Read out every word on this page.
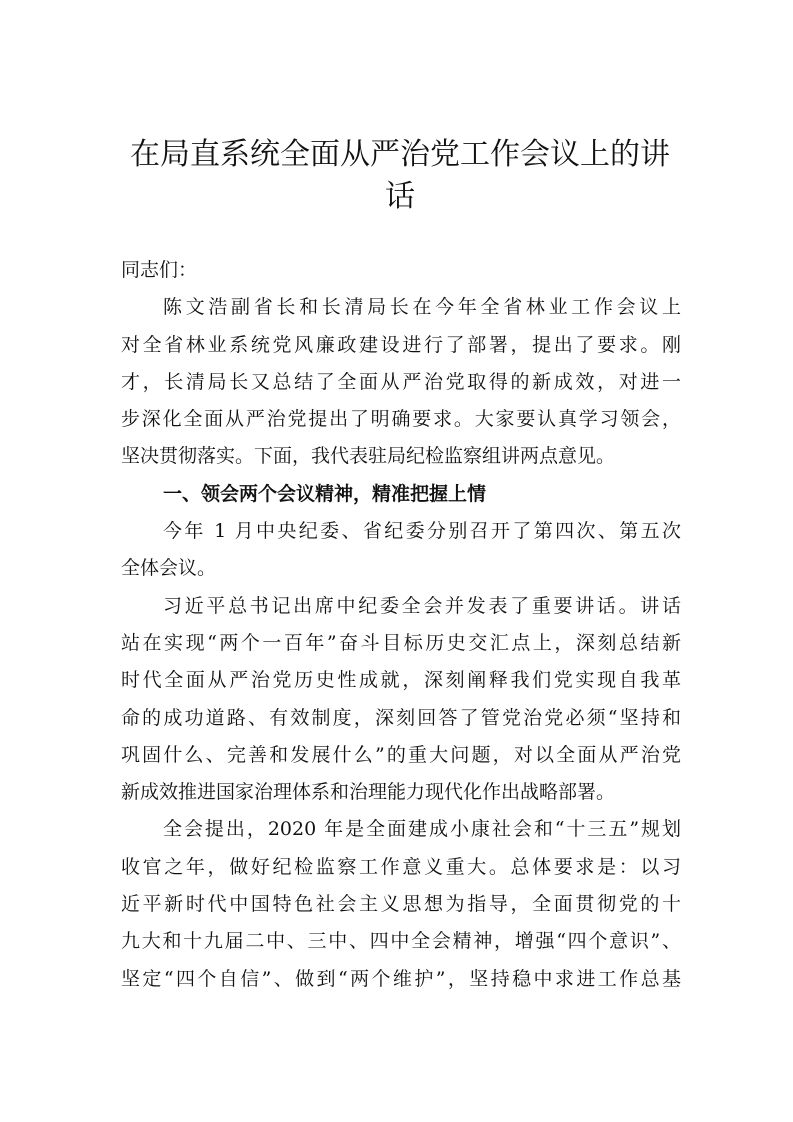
在局直系统全面从严治党工作会议上的讲
话
同志们：
陈文浩副省长和长清局长在今年全省林业工作会议上
对全省林业系统党风廉政建设进行了部署，提出了要求。刚
才，长清局长又总结了全面从严治党取得的新成效，对进一
步深化全面从严治党提出了明确要求。大家要认真学习领会，
坚决贯彻落实。下面，我代表驻局纪检监察组讲两点意见。
一、领会两个会议精神，精准把握上情
今年 1 月中央纪委、省纪委分别召开了第四次、第五次
全体会议。
习近平总书记出席中纪委全会并发表了重要讲话。讲话
站在实现“两个一百年”奋斗目标历史交汇点上，深刻总结新
时代全面从严治党历史性成就，深刻阐释我们党实现自我革
命的成功道路、有效制度，深刻回答了管党治党必须“坚持和
巩固什么、完善和发展什么”的重大问题，对以全面从严治党
新成效推进国家治理体系和治理能力现代化作出战略部署。
全会提出，2020 年是全面建成小康社会和“十三五”规划
收官之年，做好纪检监察工作意义重大。总体要求是：以习
近平新时代中国特色社会主义思想为指导，全面贯彻党的十
九大和十九届二中、三中、四中全会精神，增强“四个意识”、
坚定“四个自信”、做到“两个维护”，坚持稳中求进工作总基
